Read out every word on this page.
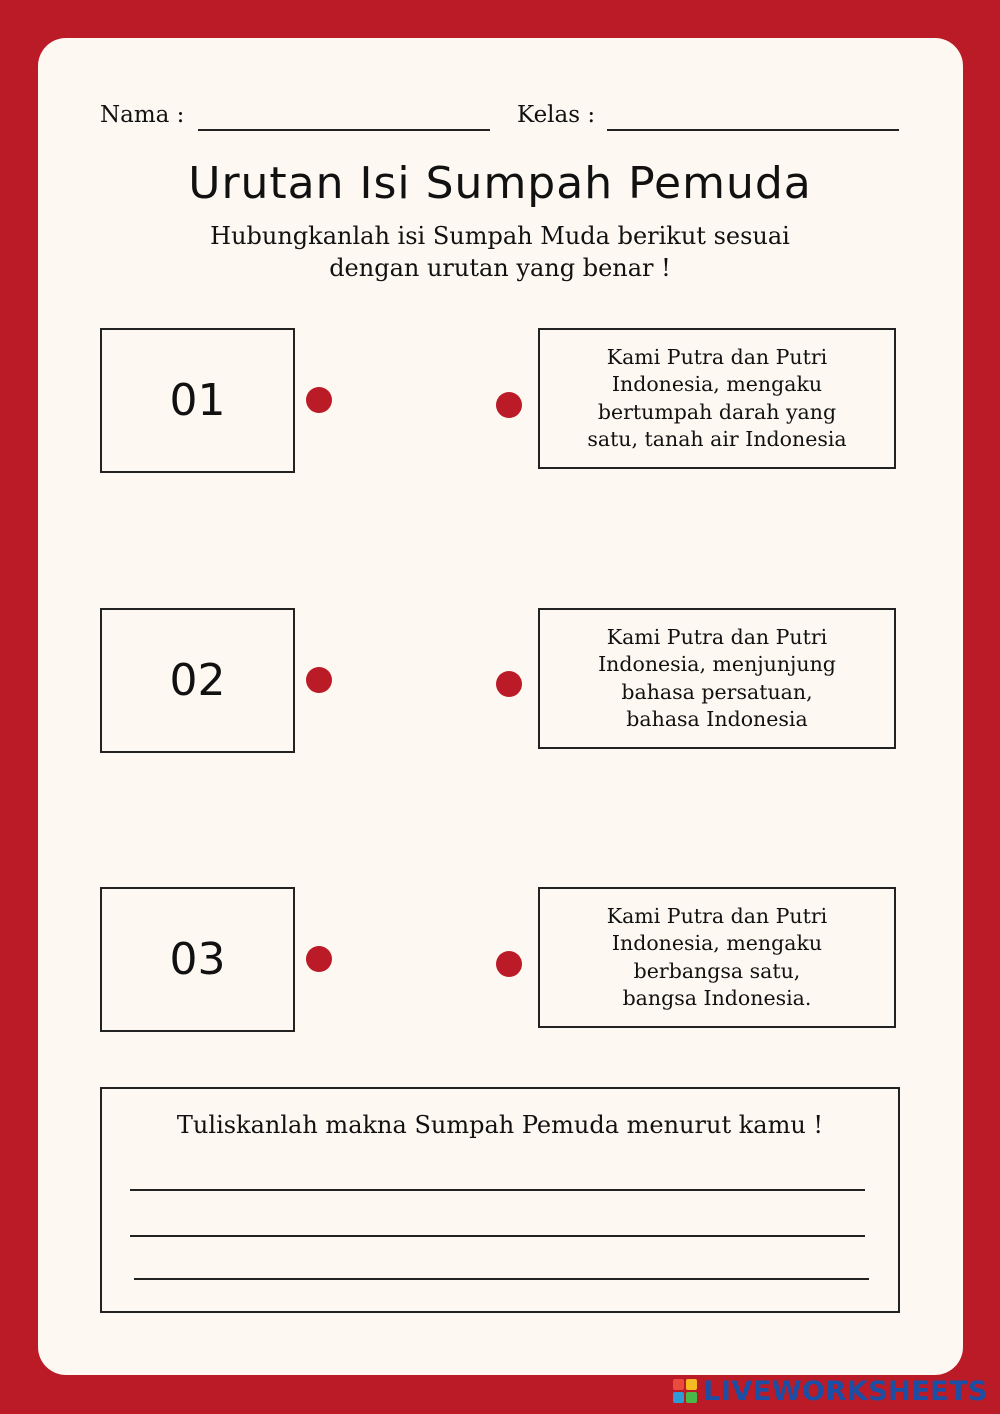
Nama :	Kelas :
Urutan Isi Sumpah Pemuda
Hubungkanlah isi Sumpah Muda berikut sesuai
dengan urutan yang benar !
01
Kami Putra dan Putri
Indonesia, mengaku
bertumpah darah yang
satu, tanah air Indonesia
02
Kami Putra dan Putri
Indonesia, menjunjung
bahasa persatuan,
bahasa Indonesia
03
Kami Putra dan Putri
Indonesia, mengaku
berbangsa satu,
bangsa Indonesia.
Tuliskanlah makna Sumpah Pemuda menurut kamu !
LIVEWORKSHEETS
